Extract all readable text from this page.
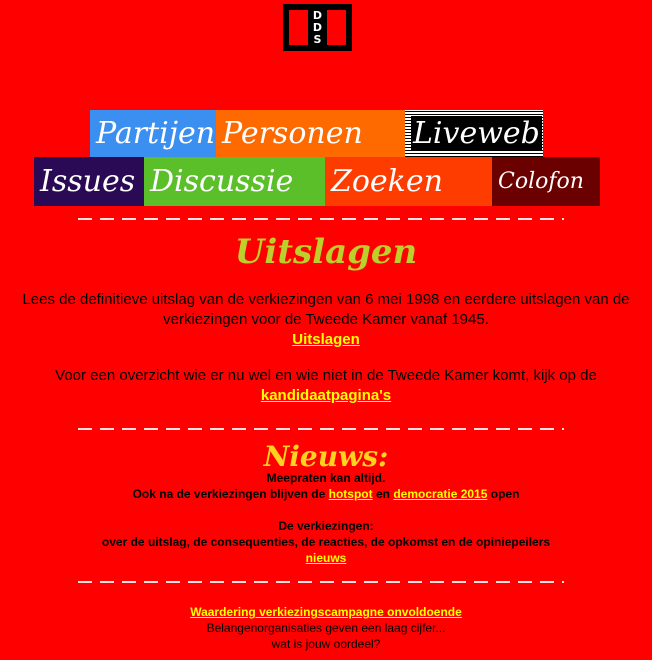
D
D
S
Partijen Personen Liveweb
Issues Discussie Zoeken	Colofon
Uitslagen
Lees de definitieve uitslag van de verkiezingen van 6 mei 1998 en eerdere uitslagen van de verkiezingen voor de Tweede Kamer vanaf 1945.
Uitslagen
Voor een overzicht wie er nu wel en wie niet in de Tweede Kamer komt, kijk op de kandidaatpagina's
Nieuws:
Meepraten kan altijd.
Ook na de verkiezingen blijven de hotspot en democratie 2015 open
De verkiezingen:
over de uitslag, de consequenties, de reacties, de opkomst en de opiniepeilers
nieuws
Waardering verkiezingscampagne onvoldoende
Belangenorganisaties geven een laag cijfer...
wat is jouw oordeel?
